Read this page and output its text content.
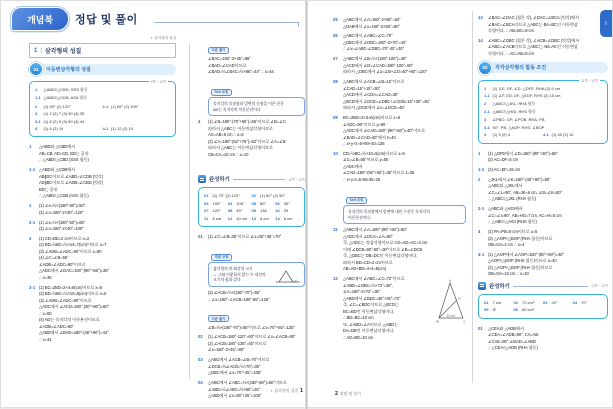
개념북	정답 및 풀이	Ⅰ
Ⅰ. 삼각형의 성질
1 | 삼각형의 성질
01	이등변삼각형의 성질
8쪽 ~ 10쪽
1	△ABD≡△CBD, SSS 합동
1-1 △ABD≡△CDB, ASA 합동
2	(1) 50° (2) 120°	2-1 (1) 65° (2) 100°
3	(1) 2 (2) 7 (3) 90 (4) 35
3-1 (1) 8 (2) 5 (3) 60 (4) 44
4	(1) 6 (2) 10	4-1 (1) 12 (2) 10
1	△ABD와 △CBD에서
AB=CB, AD=CD, BD는 공통
∴ △ABD≡△CBD (SSS 합동)
1-1 △ABD와 △CDB에서
AB∥DC이므로 ∠ABD=∠CDB (엇각)
AD∥BC이므로 ∠ADB=∠CBD (엇각)
BD는 공통
∴ △ABD≡△CDB (ASA 합동)
2	(1) ∠x=½×(180°-80°)=50°
(2) ∠x=180°-2×30°=120°
2-1 (1) ∠x=½×(180°-50°)=65°
(2) ∠x=180°-2×40°=100°
3	(1) CD=BD=2 cm이므로 x=2
(2) BD=½BC=½×14=7(cm)이므로 x=7
(3) ∠ADB=∠ADC=90°이므로 x=90
(4) ∠C=∠B=55°
∠ADB=∠ADC=90°이므로
△ADC에서 ∠DAC=180°-(90°+55°)=35°
∴ x=35
3-1 (1) BC=2BD=2×4=8(cm)이므로 x=8
(2) BD=½BC=½×10=5(cm)이므로 x=5
(3) ∠ADB=∠ADC=90°이므로
△ADC에서 ∠ACD=180°-(30°+90°)=60°
∴ x=60
(4) AD는 꼭지각의 이등분선이므로
∠ADB=∠ADC=90°
△ABD에서 ∠BAD=180°-(46°+90°)=44°
∴ x=44
다른 풀이
∠BAC=180°-2×46°=88°
∠BAD=∠CAD이므로
∠BAD=½∠BAC=½×88°=44° ∴ x=44
Self 코칭
꼭지각의 꼭짓점과 밑변의 중점을 이은 선분
AD는 꼭지각의 이등분선이다.
4	(1) ∠B=180°-(70°+55°)=55°이므로 ∠B=∠C
따라서 △ABC는 이등변삼각형이므로
AC=AB=6 cm ∴ x=6
(2) ∠A=180°-(52°+76°)=52°이므로 ∠A=∠B
따라서 △ABC는 이등변삼각형이므로
CB=CA=10 cm ∴ x=10
완성하기	10쪽 ~ 11쪽
01	(1) 70° (2) 125°	02	(1) 60° (2) 90°
03	105° 04	105° 05	80° 06	30°
07	120° 08	45° 09	136 10	25
11	8 cm 12	10 cm 13	8 cm 14	6 cm
01	(1) ∠C=∠B=35°이므로 ∠x=35°+35°=70°
개념 코칭
삼각형의 한 외각의 크기
→ 그와 이웃하지 않는 두 내각의
크기의 합과 같다.
(2) ∠ACB=½×(180°-70°)=55°
∴ ∠x=180°-∠ACB=180°-55°=125°
다른 풀이
∠B=½×(180°-70°)=55°이므로 ∠x=70°+55°=125°
02	(1) ∠ACB=180°-120°=60°이므로 ∠x=∠ACB=60°
(2) ∠ACB=180°-135°=45°이므로
∠x=180°-2×45°=90°
03	△ABC에서 ∠ACB=∠B=70°이므로
∠DCB=½∠ACB=½×70°=35°
△DBC에서 ∠x=70°+35°=105°
04	△ABC에서 ∠ABC=½×(180°-80°)=50°이므로
∠ABD=½∠ABC=½×50°=25°
△ABD에서 ∠x=80°+25°=105°
05	△ABC에서 ∠A=180°-2×65°=50°
△DAB에서 ∠x=180°-2×50°=80°
06	△ABC에서 ∠ABC=∠C=70°
△DBC에서 ∠DBC=180°-2×70°=40°
∴ ∠x=∠ABC-∠DBC=70°-40°=30°
07	△ABC에서 ∠B=½×(180°-100°)=40°
△ACD에서 ∠D=∠CAD=180°-100°=80°
따라서 △DBC에서 ∠x=∠B+∠D=40°+80°=120°
08	△ABC에서 ∠ACB=∠B=15°이므로
∠CAD=15°+15°=30°
△ACD에서 ∠CDA=∠CAD=30°
△BCD에서 ∠DCE=∠DBC+∠CDB=15°+30°=45°
따라서 △DCE에서 ∠x=∠DCE=45°
09	BC=2BD=2×3=6(cm)이므로 x=6
∠ADC=90°이므로 y=90
△ADC에서 ∠CAD=180°-(90°+50°)=40°이므로
∠BAD=∠CAD=40°에서 z=40
∴ x+y+z=6+90+40=136
10	CD=½BC=½×10=5(cm)이므로 x=5
∠C=∠B=55°이므로 y=55
△ADC에서
∠CAD=180°-(90°+55°)=35°이므로 z=35
∴ x+y-z=5+55-35=25
Self 코칭
꼭지각의 꼭짓점에서 밑변에 내린 수선은 꼭지각의
이등분선이다.
11	△ABC에서 ∠A=180°-(90°+30°)=60°
△ADC에서 ∠DCA=∠A=60°
즉, △ADC는 정삼각형이므로 CD=AD=AC=4 cm
이때 ∠DCB=90°-60°=30°이므로 ∠B=∠DCB
즉, △DBC는 DB=DC인 이등변삼각형이다.
따라서 BD=CD=4 cm이므로
AB=AD+BD=4+4=8(cm)
12	△ABC에서 ∠ABC=∠C=72°이므로
∠ABD=∠DBC=½×72°=36°,
∠A=180°-2×72°=36°
△ABD에서 ∠BDC=36°+36°=72°
즉, ∠C=∠BDC이므로 △BCD는
BC=BD인 이등변삼각형이다.
∴ BD=BC=10 cm
또, ∠ABD=∠A이므로 △ABD는
DA=DB인 이등변삼각형이다.
∴ AD=BD=10 cm
A
B	C
D
10 cm
13	∠BAC=∠DAC (접은 각), ∠DAC=∠BCA (엇각)에서
∠BAC=∠BCA이므로 △ABC는 BA=BC인 이등변삼
각형이다. ∴ AB=BC=8 cm
14	∠ABC=∠DBC (접은 각), ∠ACB=∠DBC (엇각)에서
∠ABC=∠ACB이므로 △ABC는 AB=AC인 이등변삼
각형이다. ∴ AC=AB=6 cm
02	직각삼각형의 합동 조건
11쪽 ~ 13쪽
1	(1) ∠E, DF, ∠D, △DFE, RHA (2) 5 cm
1-1 (1) ∠F, ED, DF, △EDF, RHS (2) 15 cm
2	△ABC≡△JKL, RHA 합동
2-1 △ABC≡△HGI, RHS 합동
3	∠PBO, OP, ∠POB, RHA, PB
3-1 90°, PB, △AOP, RHS, ∠BOP
4	(1) 5 (2) 4	4-1 (1) 40 (2) 10
1	(1) △DFE에서 ∠D=180°-(90°+30°)=60°
(2) AC=DF=5 cm
1-1 (2) AC=EF=15 cm
2	△JKL에서 ∠K=180°-(40°+90°)=50°
△ABC와 △JKL에서
∠C=∠L=90°, AB=JK=6 cm, ∠B=∠K=50°
∴ △ABC≡△JKL (RHA 합동)
2-1 △ABC와 △HGI에서
∠C=∠I=90°, AB=HG=7 cm, AC=HI=5 cm
∴ △ABC≡△HGI (RHS 합동)
4	(1) PA=PB=5 cm이므로 x=5
(2) △AOP≡△BOP (RHA 합동)이므로
OB=OA=4 cm ∴ x=4
4-1 (1) △AOP에서 ∠AOP=180°-(90°+50°)=40°
△AOP≡△BOP (RHS 합동)이므로 x=40
(2) △AOP≡△BOP (RHA 합동)이므로
OB=OA=10 cm ∴ x=10
완성하기	13쪽 ~ 14쪽
01	7 cm	02	72 cm² 03	20°	04	70°
05	②	06	60 cm²
01	△CEA와 △ADB에서
∠CEA=∠ADB=90°, CA=AB,
∠CAE=90°-∠BAD=∠ABD
∴ △CEA≡△ADB (RHA 합동)
Ⅰ. 삼각형의 성질 1	2 정답 및 풀이
